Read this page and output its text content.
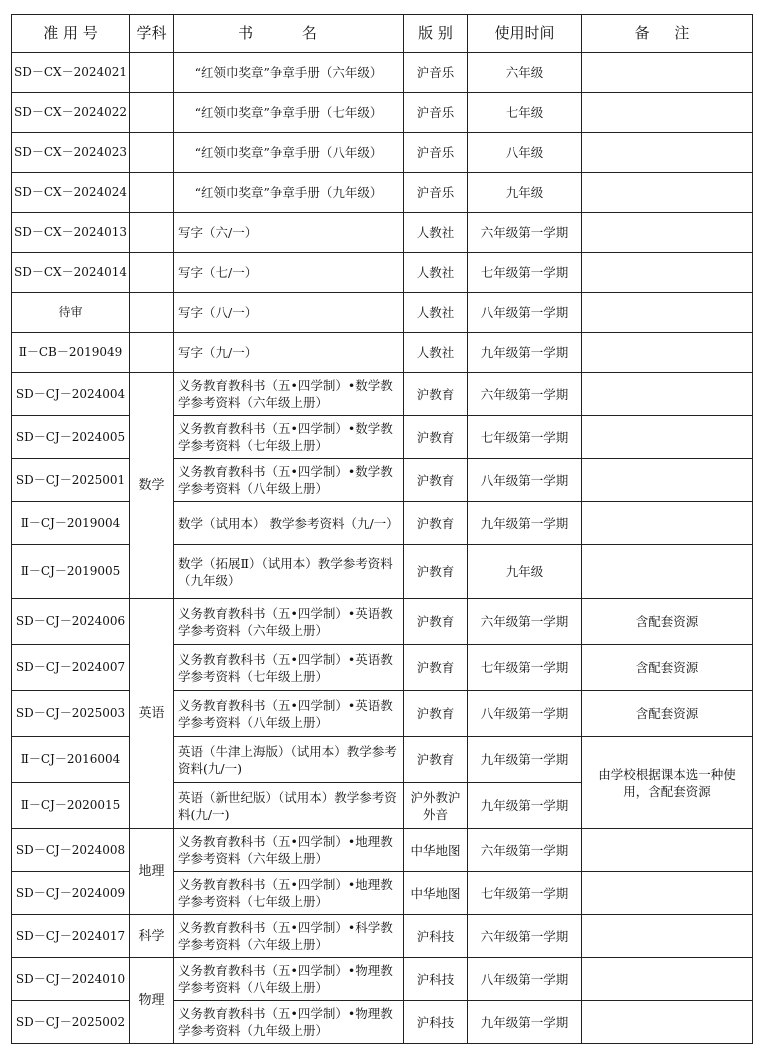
准 用 号	学科	书 名	版 别	使用时间	备 注
SD－CX－2024021		“红领巾奖章”争章手册（六年级）	沪音乐	六年级	
SD－CX－2024022		“红领巾奖章”争章手册（七年级）	沪音乐	七年级	
SD－CX－2024023		“红领巾奖章”争章手册（八年级）	沪音乐	八年级	
SD－CX－2024024		“红领巾奖章”争章手册（九年级）	沪音乐	九年级	
SD－CX－2024013		写字（六/一）	人教社	六年级第一学期	
SD－CX－2024014		写字（七/一）	人教社	七年级第一学期	
待审		写字（八/一）	人教社	八年级第一学期	
Ⅱ－CB－2019049		写字（九/一）	人教社	九年级第一学期	
SD－CJ－2024004	数学	义务教育教科书（五•四学制）•数学教学参考资料（六年级上册）	沪教育	六年级第一学期	
SD－CJ－2024005		义务教育教科书（五•四学制）•数学教学参考资料（七年级上册）	沪教育	七年级第一学期	
SD－CJ－2025001		义务教育教科书（五•四学制）•数学教学参考资料（八年级上册）	沪教育	八年级第一学期	
Ⅱ－CJ－2019004		数学（试用本） 教学参考资料（九/一）	沪教育	九年级第一学期	
Ⅱ－CJ－2019005		数学（拓展Ⅱ）（试用本）教学参考资料（九年级）	沪教育	九年级	
SD－CJ－2024006	英语	义务教育教科书（五•四学制）•英语教学参考资料（六年级上册）	沪教育	六年级第一学期	含配套资源
SD－CJ－2024007		义务教育教科书（五•四学制）•英语教学参考资料（七年级上册）	沪教育	七年级第一学期	含配套资源
SD－CJ－2025003		义务教育教科书（五•四学制）•英语教学参考资料（八年级上册）	沪教育	八年级第一学期	含配套资源
Ⅱ－CJ－2016004		英语（牛津上海版）（试用本）教学参考资料(九/一)	沪教育	九年级第一学期	由学校根据课本选一种使用，含配套资源
Ⅱ－CJ－2020015		英语（新世纪版）（试用本）教学参考资料(九/一)	沪外教沪外音	九年级第一学期	
SD－CJ－2024008	地理	义务教育教科书（五•四学制）•地理教学参考资料（六年级上册）	中华地图	六年级第一学期	
SD－CJ－2024009		义务教育教科书（五•四学制）•地理教学参考资料（七年级上册）	中华地图	七年级第一学期	
SD－CJ－2024017	科学	义务教育教科书（五•四学制）•科学教学参考资料（六年级上册）	沪科技	六年级第一学期	
SD－CJ－2024010	物理	义务教育教科书（五•四学制）•物理教学参考资料（八年级上册）	沪科技	八年级第一学期	
SD－CJ－2025002		义务教育教科书（五•四学制）•物理教学参考资料（九年级上册）	沪科技	九年级第一学期	
